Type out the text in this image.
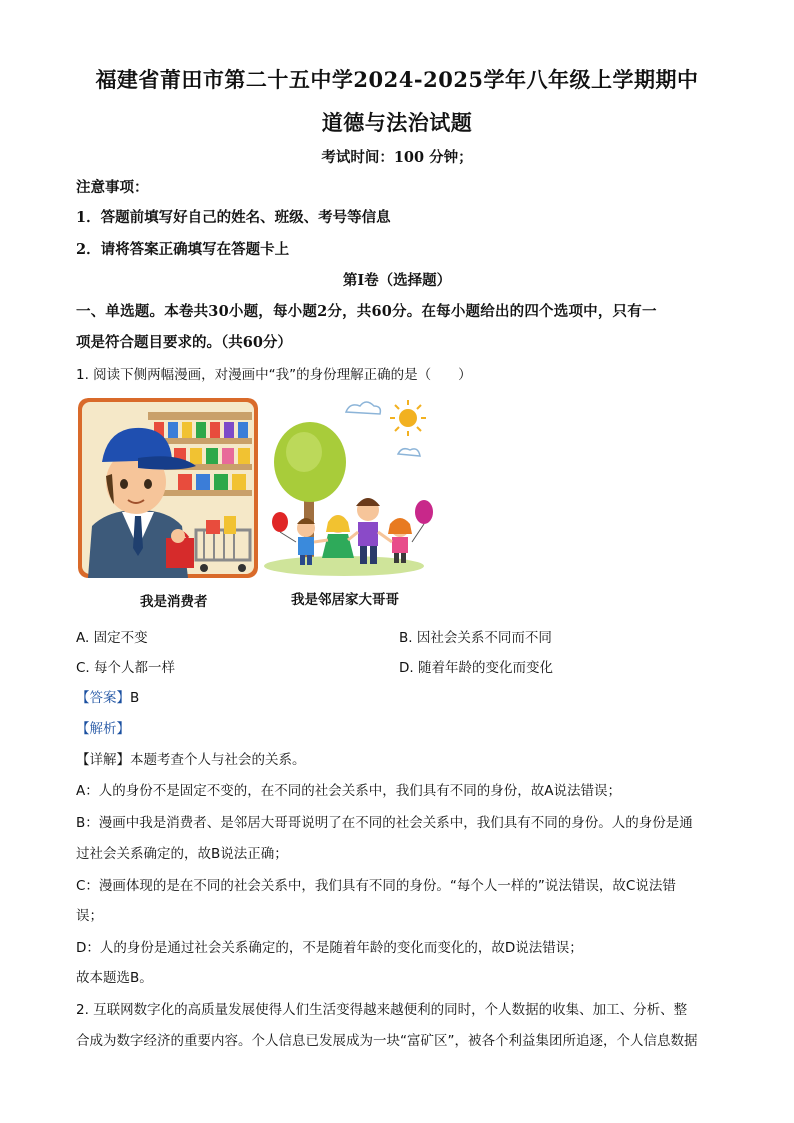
福建省莆田市第二十五中学2024-2025学年八年级上学期期中
道德与法治试题
考试时间：100 分钟；
注意事项：
1．答题前填写好自己的姓名、班级、考号等信息
2．请将答案正确填写在答题卡上
第I卷（选择题）
一、单选题。本卷共30小题，每小题2分，共60分。在每小题给出的四个选项中，只有一
项是符合题目要求的。（共60分）
1. 阅读下侧两幅漫画，对漫画中“我”的身份理解正确的是（　　）
我是消费者	我是邻居家大哥哥
A. 固定不变	B. 因社会关系不同而不同
C. 每个人都一样	D. 随着年龄的变化而变化
【答案】B
【解析】
【详解】本题考查个人与社会的关系。
A：人的身份不是固定不变的，在不同的社会关系中，我们具有不同的身份，故A说法错误；
B：漫画中我是消费者、是邻居大哥哥说明了在不同的社会关系中，我们具有不同的身份。人的身份是通
过社会关系确定的，故B说法正确；
C：漫画体现的是在不同的社会关系中，我们具有不同的身份。“每个人一样的”说法错误，故C说法错
误；
D：人的身份是通过社会关系确定的，不是随着年龄的变化而变化的，故D说法错误；
故本题选B。
2. 互联网数字化的高质量发展使得人们生活变得越来越便利的同时，个人数据的收集、加工、分析、整
合成为数字经济的重要内容。个人信息已发展成为一块“富矿区”，被各个利益集团所追逐，个人信息数据
